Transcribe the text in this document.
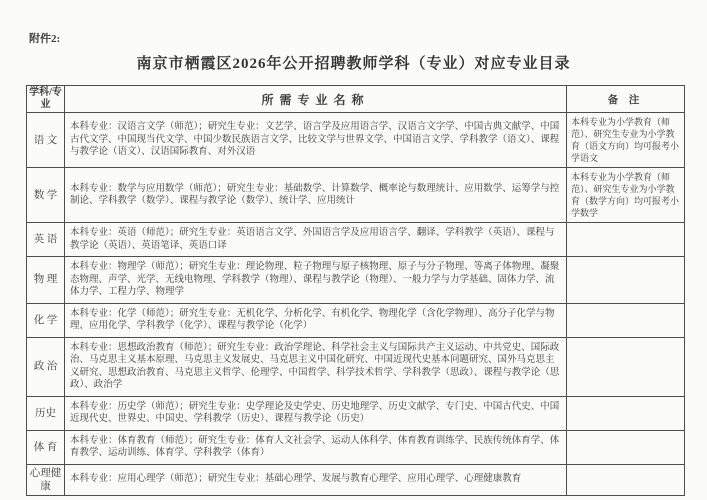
附件2:
南京市栖霞区2026年公开招聘教师学科（专业）对应专业目录
学科/专业	所需专业名称	备 注
语 文	本科专业：汉语言文学（师范）；研究生专业：文艺学、语言学及应用语言学、汉语言文字学、中国古典文献学、中国古代文学、中国现当代文学、中国少数民族语言文学、比较文学与世界文学、中国语言文学、学科教学（语文）、课程与教学论（语文）、汉语国际教育、对外汉语	本科专业为小学教育（师范）、研究生专业为小学教育（语文方向）均可报考小学语文
数 学	本科专业：数学与应用数学（师范）；研究生专业：基础数学、计算数学、概率论与数理统计、应用数学、运筹学与控制论、学科教学（数学）、课程与教学论（数学）、统计学、应用统计	本科专业为小学教育（师范）、研究生专业为小学教育（数学方向）均可报考小学数学
英 语	本科专业：英语（师范）；研究生专业：英语语言文学、外国语言学及应用语言学、翻译、学科教学（英语）、课程与教学论（英语）、英语笔译、英语口译	
物 理	本科专业：物理学（师范）；研究生专业：理论物理、粒子物理与原子核物理、原子与分子物理、等离子体物理、凝聚态物理、声学、光学、无线电物理、学科教学（物理）、课程与教学论（物理）、一般力学与力学基础、固体力学、流体力学、工程力学、物理学	
化 学	本科专业：化学（师范）；研究生专业：无机化学、分析化学、有机化学、物理化学（含化学物理）、高分子化学与物理、应用化学、学科教学（化学）、课程与教学论（化学）	
政 治	本科专业：思想政治教育（师范）；研究生专业：政治学理论、科学社会主义与国际共产主义运动、中共党史、国际政治、马克思主义基本原理、马克思主义发展史、马克思主义中国化研究、中国近现代史基本问题研究、国外马克思主义研究、思想政治教育、马克思主义哲学、伦理学、中国哲学、科学技术哲学、学科教学（思政）、课程与教学论（思政）、政治学	
历史	本科专业：历史学（师范）；研究生专业：史学理论及史学史、历史地理学、历史文献学、专门史、中国古代史、中国近现代史、世界史、中国史、学科教学（历史）、课程与教学论（历史）	
体 育	本科专业：体育教育（师范）；研究生专业：体育人文社会学、运动人体科学、体育教育训练学、民族传统体育学、体育教学、运动训练、体育学、学科教学（体育）	
心理健康	本科专业：应用心理学（师范）；研究生专业：基础心理学、发展与教育心理学、应用心理学、心理健康教育	
